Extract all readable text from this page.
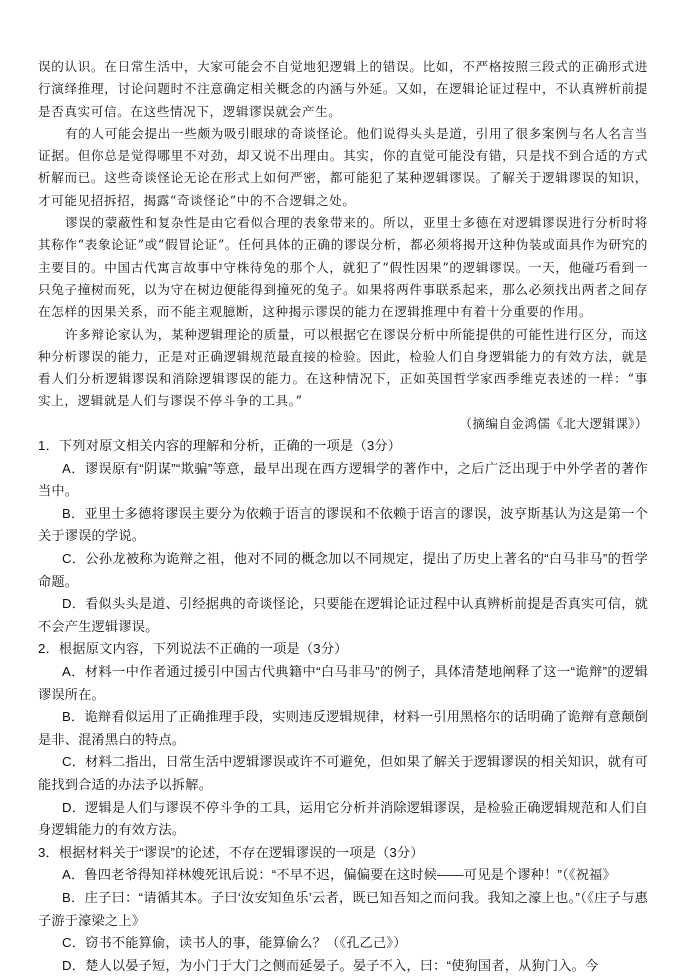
误的认识。在日常生活中，大家可能会不自觉地犯逻辑上的错误。比如，不严格按照三段式的正确形式进行演绎推理，讨论问题时不注意确定相关概念的内涵与外延。又如，在逻辑论证过程中，不认真辨析前提是否真实可信。在这些情况下，逻辑谬误就会产生。

有的人可能会提出一些颇为吸引眼球的奇谈怪论。他们说得头头是道，引用了很多案例与名人名言当证据。但你总是觉得哪里不对劲，却又说不出理由。其实，你的直觉可能没有错，只是找不到合适的方式析解而已。这些奇谈怪论无论在形式上如何严密，都可能犯了某种逻辑谬误。了解关于逻辑谬误的知识，才可能见招拆招，揭露“奇谈怪论”中的不合逻辑之处。

谬误的蒙蔽性和复杂性是由它看似合理的表象带来的。所以，亚里士多德在对逻辑谬误进行分析时将其称作“表象论证”或“假冒论证”。任何具体的正确的谬误分析，都必须将揭开这种伪装或面具作为研究的主要目的。中国古代寓言故事中守株待兔的那个人，就犯了“假性因果”的逻辑谬误。一天，他碰巧看到一只兔子撞树而死，以为守在树边便能得到撞死的兔子。如果将两件事联系起来，那么必须找出两者之间存在怎样的因果关系，而不能主观臆断，这种揭示谬误的能力在逻辑推理中有着十分重要的作用。

许多辩论家认为，某种逻辑理论的质量，可以根据它在谬误分析中所能提供的可能性进行区分，而这种分析谬误的能力，正是对正确逻辑规范最直接的检验。因此，检验人们自身逻辑能力的有效方法，就是看人们分析逻辑谬误和消除逻辑谬误的能力。在这种情况下，正如英国哲学家西季维克表述的一样：“事实上，逻辑就是人们与谬误不停斗争的工具。”

（摘编自金鸿儒《北大逻辑课》）

1．下列对原文相关内容的理解和分析，正确的一项是（3分）

A．谬误原有“阴谋”“欺骗”等意，最早出现在西方逻辑学的著作中，之后广泛出现于中外学者的著作当中。

B．亚里士多德将谬误主要分为依赖于语言的谬误和不依赖于语言的谬误，波亨斯基认为这是第一个关于谬误的学说。

C．公孙龙被称为诡辩之祖，他对不同的概念加以不同规定，提出了历史上著名的“白马非马”的哲学命题。

D．看似头头是道、引经据典的奇谈怪论，只要能在逻辑论证过程中认真辨析前提是否真实可信，就不会产生逻辑谬误。

2．根据原文内容，下列说法不正确的一项是（3分）

A．材料一中作者通过援引中国古代典籍中“白马非马”的例子，具体清楚地阐释了这一“诡辩”的逻辑谬误所在。

B．诡辩看似运用了正确推理手段，实则违反逻辑规律，材料一引用黑格尔的话明确了诡辩有意颠倒是非、混淆黑白的特点。

C．材料二指出，日常生活中逻辑谬误或许不可避免，但如果了解关于逻辑谬误的相关知识，就有可能找到合适的办法予以拆解。

D．逻辑是人们与谬误不停斗争的工具，运用它分析并消除逻辑谬误，是检验正确逻辑规范和人们自身逻辑能力的有效方法。

3．根据材料关于“谬误”的论述，不存在逻辑谬误的一项是（3分）

A．鲁四老爷得知祥林嫂死讯后说：“不早不迟，偏偏要在这时候——可见是个谬种！”（《祝福》

B．庄子曰：“请循其本。子曰‘汝安知鱼乐’云者，既已知吾知之而问我。我知之濠上也。”（《庄子与惠子游于濠梁之上》

C．窃书不能算偷，读书人的事，能算偷么？（《孔乙己》）

D．楚人以晏子短，为小门于大门之侧而延晏子。晏子不入，曰：“使狗国者，从狗门入。今
